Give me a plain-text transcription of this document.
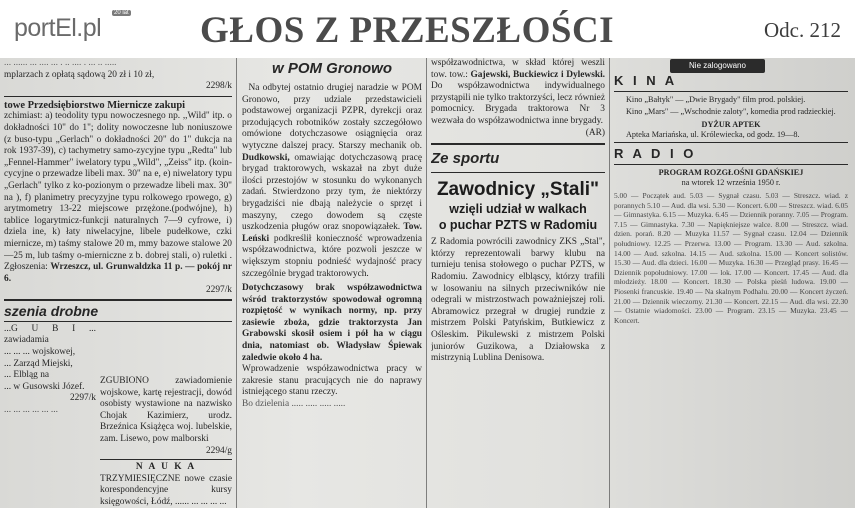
portEl.pl
20 lat GŁOS Z PRZESZŁOŚCI	Odc. 212

... ...... ... .... ... . .. .... . ... .. .....

mplarzach z opłatą sądową 20 zł i 10 zł,

2298/k

towe Przedsiębiorstwo Miernicze zakupi

zchimiast: a) teodolity typu nowoczesnego np. ,,Wild" itp. o dokładności 10" do 1"; dolity nowoczesne lub noniuszowe (z buso-typu „Gerlach" o dokładności 20" do 1" dukcja na rok 1937-39), c) tachymetry samo-zycyjne typu „Redta" lub „Fennel-Hammer" iwelatory typu „Wild", „Zeiss" itp. (koin-cycyjne o przewadze libeli max. 30" na e, e) niwelatory typu „Gerlach" tylko z ko-pozionym o przewadze libeli max. 30" na ), f) planimetry precyzyjne typu rolkowego rpowego, g) arytmometry 13-22 miejscowe przężone.(podwójne), h) tablice logarytmicz-funkcji naturalnych 7—9 cyfrowe, i) dziela ine, k) łaty niwelacyjne, libele pudełkowe, czki miernicze, m) taśmy stalowe 20 m, mmy bazowe stalowe 20—25 m, lub taśmy o-mierniczne z b. dobrej stali, o) ruletki . Zgłoszenia: Wrzeszcz, ul. Grunwaldzka 11 p. — pokój nr 6.

2297/k

szenia drobne

...G U B I ... zawiadamia

... ... ... wojskowej,

... Zarząd Miejski,

... Elbląg na

... w Gusowski Józef.

2297/k

... ... ... ... ... ...

ZGUBIONO zawiadomienie wojskowe, kartę rejestracji, dowód osobisty wystawione na nazwisko Chojak Kazimierz, urodz. Brzeźnica Książęca woj. lubelskie, zam. Lisewo, pow malborski

2294/g

N A U K A

TRZYMIESIĘCZNE nowe czasie korespondencyjne kursy księgowości, Łódź, ...... ... ... ... ...

w POM Gronowo

Na odbytej ostatnio drugiej naradzie w POM Gronowo, przy udziale przedstawicieli podstawowej organizacji PZPR, dyrekcji oraz przodujących robotników zostały szczegółowo omówione dotychczasowe osiągnięcia oraz wytyczne dalszej pracy. Starszy mechanik ob. Dudkowski, omawiając dotychczasową pracę brygad traktorowych, wskazał na zbyt duże ilości przestojów w stosunku do wykonanych zadań. Stwierdzono przy tym, że niektórzy brygadziści nie dbają należycie o sprzęt i maszyny, czego dowodem są częste uszkodzenia pługów oraz snopowiązałek. Tow. Leński podkreślił konieczność wprowadzenia współzawodnictwa, które pozwoli jeszcze w większym stopniu podnieść wydajność pracy szczególnie brygad traktorowych.

Dotychczasowy brak współzawodnictwa wśród traktorzystów spowodował ogromną rozpiętość w wynikach normy, np. przy zasiewie zboża, gdzie traktorzysta Jan Grabowski skosił osiem i pół ha w ciągu dnia, natomiast ob. Władysław Śpiewak zaledwie około 4 ha.

Wprowadzenie współzawodnictwa pracy w zakresie stanu pracujących nie do naprawy istniejącego stanu rzeczy.

Bo dzielenia ..... ..... ..... .....

współzawodnictwa, w skład której weszli tow. tow.: Gajewski, Buckiewicz i Dylewski. Do współzawodnictwa indywidualnego przystąpili nie tylko traktorzyści, lecz również pomocnicy. Brygada traktorowa Nr 3 wezwała do współzawodnictwa inne brygady.

(AR)

Ze sportu

Zawodnicy „Stali"

wzięli udział w walkach

o puchar PZTS w Radomiu

Z Radomia powrócili zawodnicy ZKS „Stal", którzy reprezentowali barwy klubu na turnieju tenisa stołowego o puchar PZTS, w Radomiu. Zawodnicy elbląscy, którzy trafili w losowaniu na silnych przeciwników nie odegrali w mistrzostwach poważniejszej roli. Abramowicz przegrał w drugiej rundzie z mistrzem Polski Patyńskim, Butkiewicz z Ośleskim. Pikulewski z mistrzem Polski juniorów Guzikowa, a Działowska z mistrzynią Lublina Denisowa.

K I N A

Kino „Bałtyk" — „Dwie Brygady" film prod. polskiej.

Kino „Mars" — „Wschodnie zaloty", komedia prod radzieckiej.

DYŻUR APTEK

Apteka Mariańska, ul. Królewiecka, od godz. 19—8.

R A D I O

PROGRAM ROZGŁOŚNI GDAŃSKIEJ

na wtorek 12 września 1950 r.

5.00 — Początek aud. 5.03 — Sygnał czasu. 5.03 — Streszcz. wiad. z porannych 5.10 — Aud. dla wsi. 5.30 — Koncert. 6.00 — Streszcz. wiad. 6.05 — Gimnastyka. 6.15 — Muzyka. 6.45 — Dziennik poranny. 7.05 — Program. 7.15 — Gimnastyka. 7.30 — Napiękniejsze walce. 8.00 — Streszcz. wiad. dzien. porań. 8.20 — Muzyka 11.57 — Sygnał czasu. 12.04 — Dziennik południowy. 12.25 — Przerwa. 13.00 — Program. 13.30 — Aud. szkolna. 14.00 — Aud. szkolna. 14.15 — Aud. szkolna. 15.00 — Koncert solistów. 15.30 — Aud. dla dzieci. 16.00 — Muzyka. 16.30 — Przegląd prasy. 16.45 — Dziennik popołudniowy. 17.00 — lok. 17.00 — Koncert. 17.45 — Aud. dla młodzieży. 18.00 — Koncert. 18.30 — Polska pieśń ludowa. 19.00 — Piosenki francuskie. 19.40 — Na skalnym Podhalu. 20.00 — Koncert życzeń. 21.00 — Dziennik wieczorny. 21.30 — Koncert. 22.15 — Aud. dla wsi. 22.30 — Ostatnie wiadomości. 23.00 — Program. 23.15 — Muzyka. 23.45 — Koncert.

Nie zalogowano
